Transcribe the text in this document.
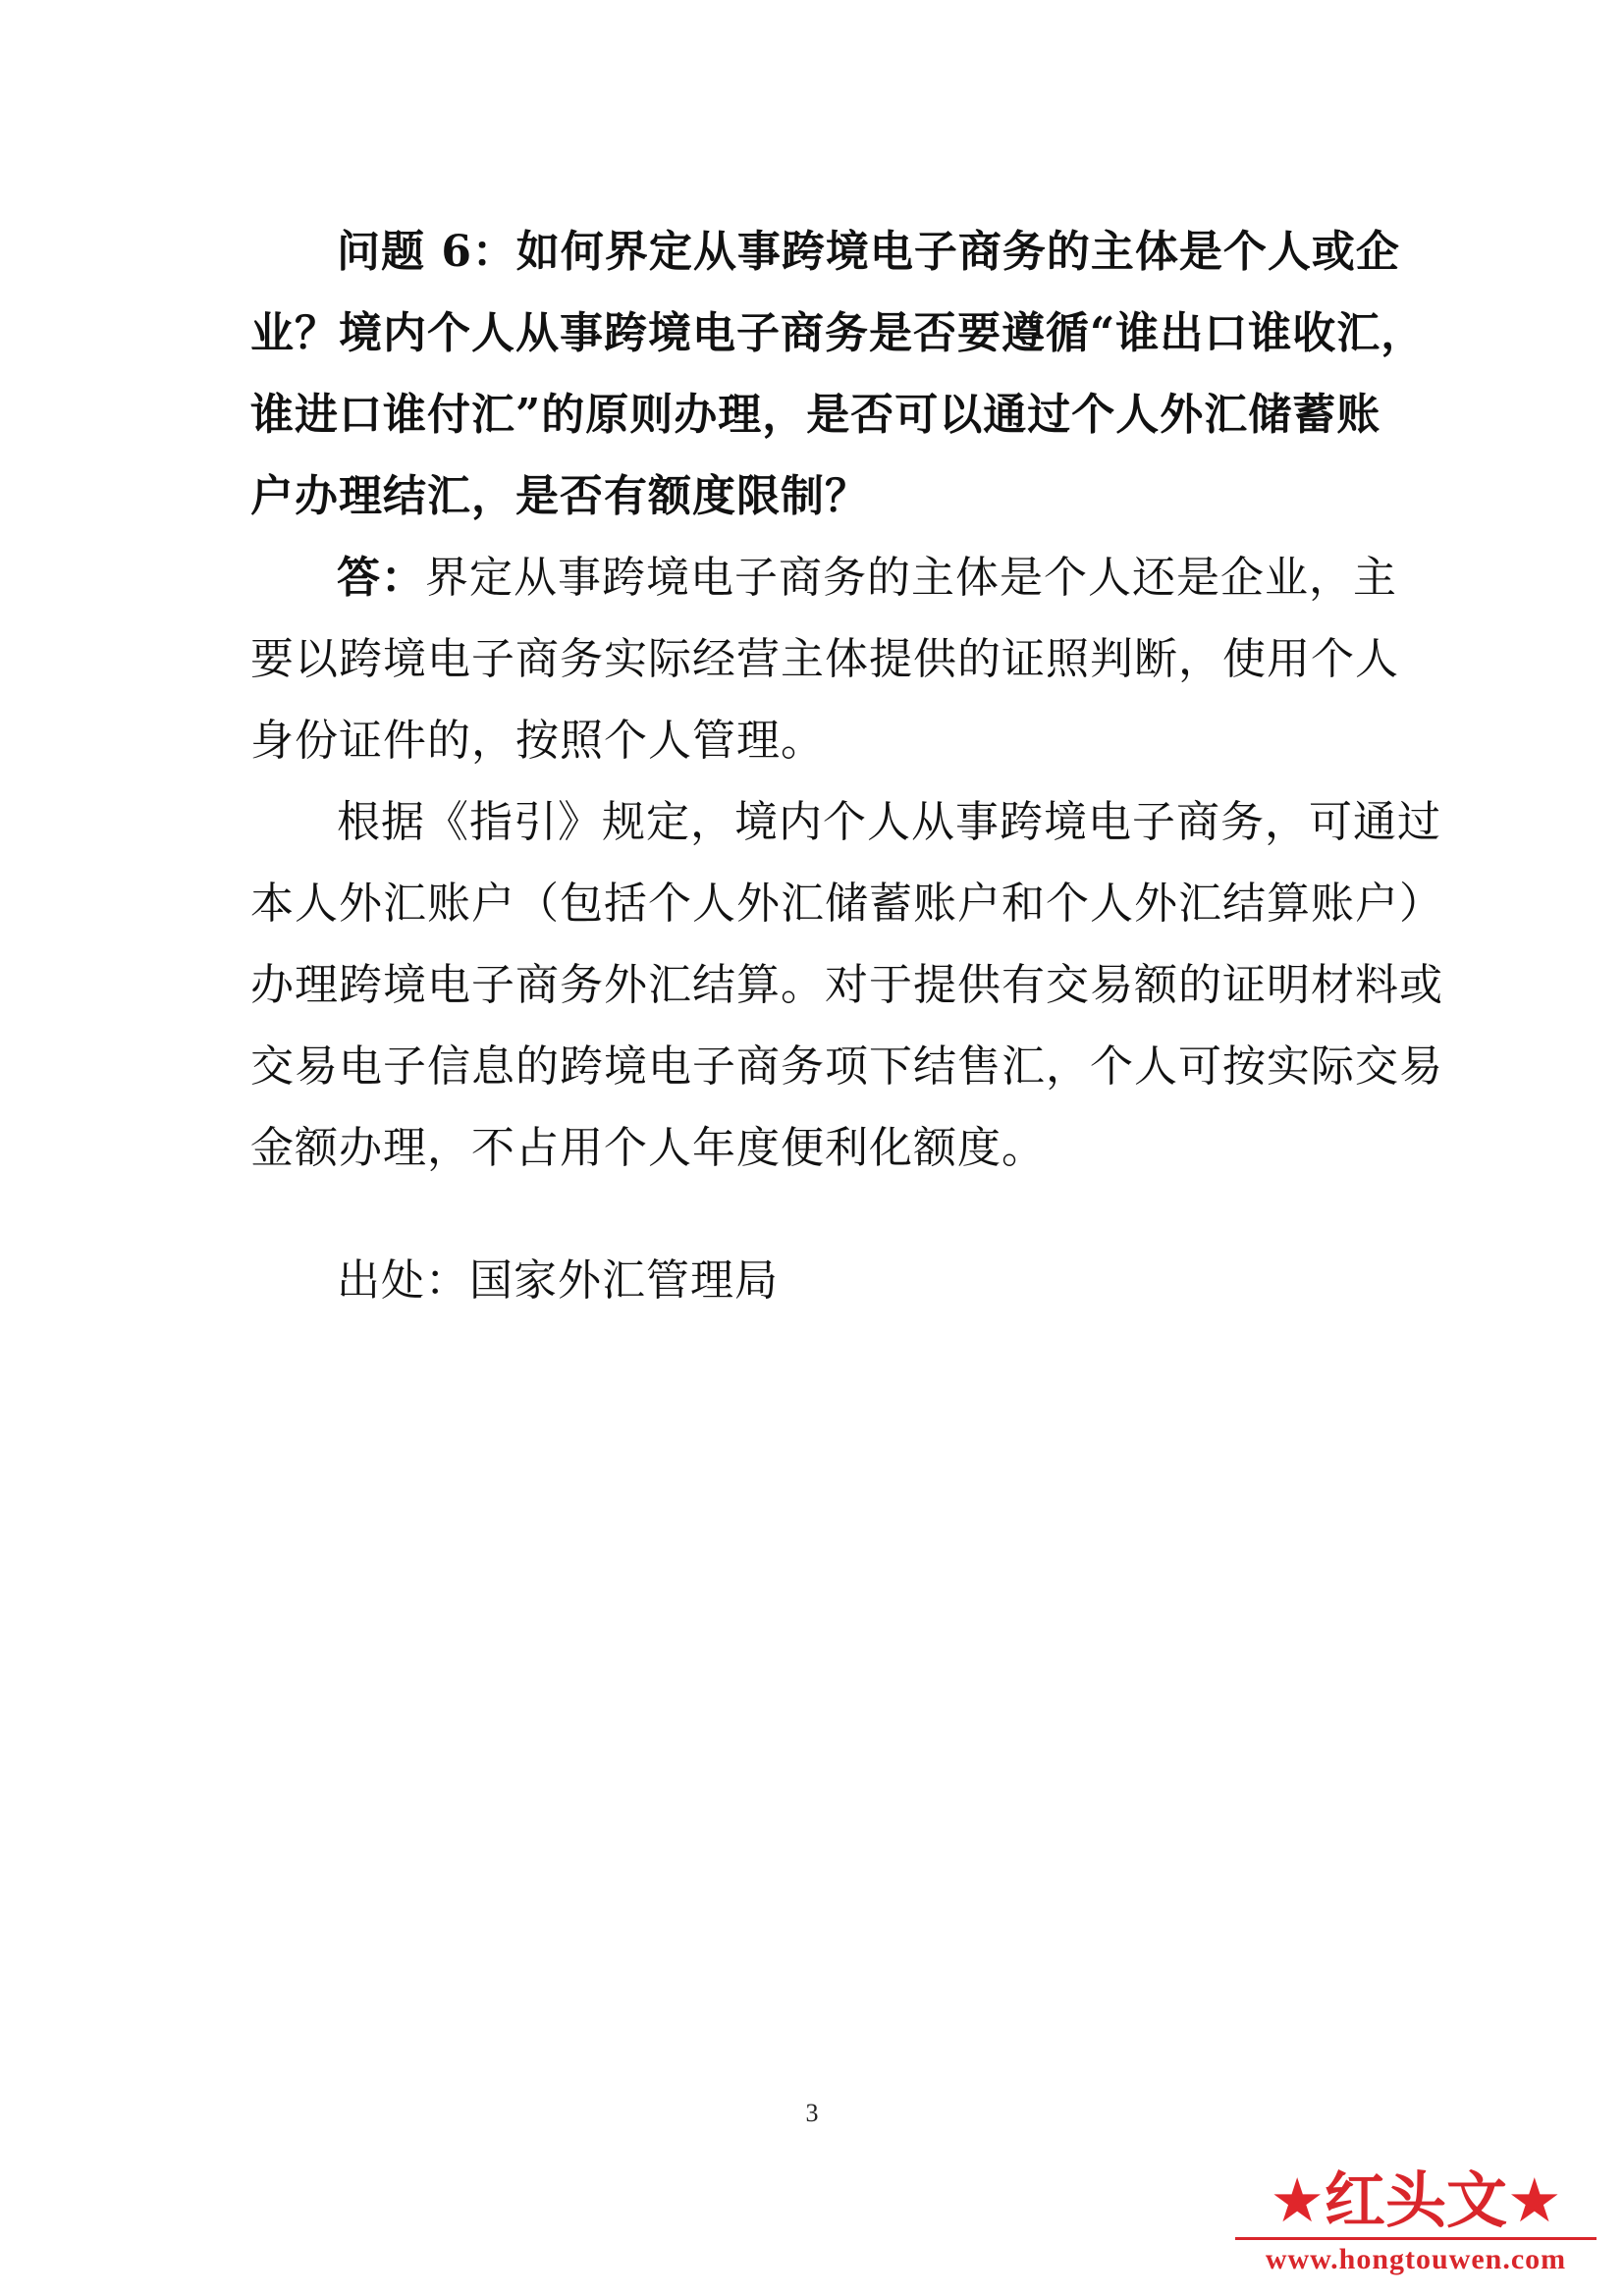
问题 6：如何界定从事跨境电子商务的主体是个人或企
业？境内个人从事跨境电子商务是否要遵循“谁出口谁收汇，
谁进口谁付汇”的原则办理，是否可以通过个人外汇储蓄账
户办理结汇，是否有额度限制？
答：界定从事跨境电子商务的主体是个人还是企业，主
要以跨境电子商务实际经营主体提供的证照判断，使用个人
身份证件的，按照个人管理。
根据《指引》规定，境内个人从事跨境电子商务，可通过
本人外汇账户（包括个人外汇储蓄账户和个人外汇结算账户）
办理跨境电子商务外汇结算。对于提供有交易额的证明材料或
交易电子信息的跨境电子商务项下结售汇，个人可按实际交易
金额办理，不占用个人年度便利化额度。
出处：国家外汇管理局
3
★红头文★
www.hongtouwen.com
